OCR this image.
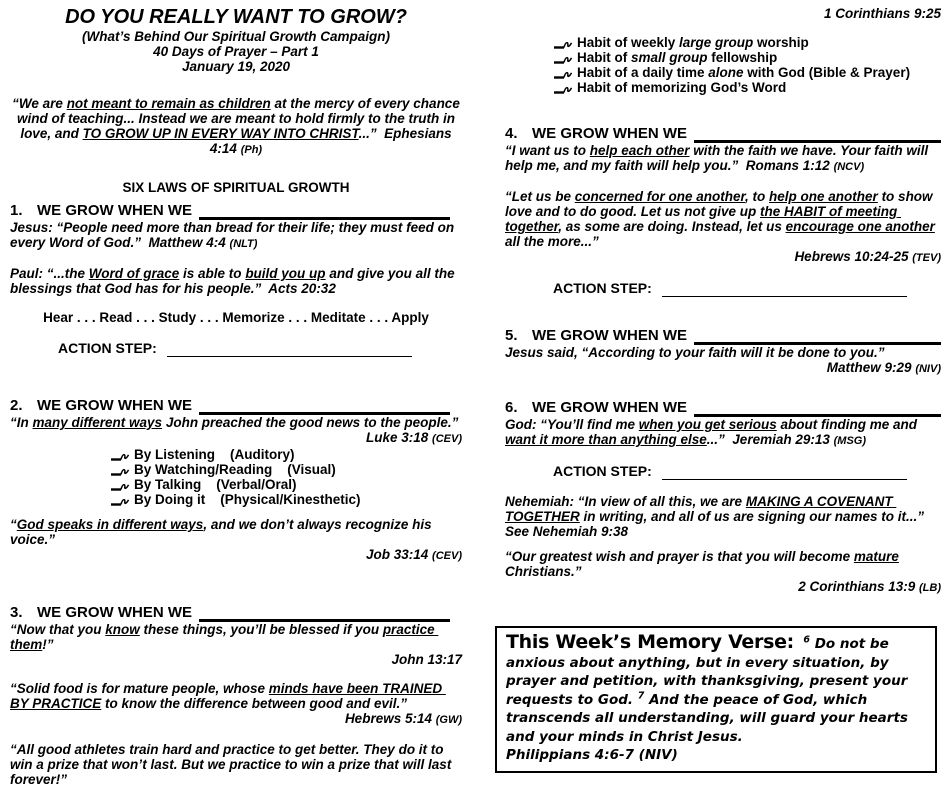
DO YOU REALLY WANT TO GROW?
(What’s Behind Our Spiritual Growth Campaign)
40 Days of Prayer – Part 1
January 19, 2020
“We are not meant to remain as children at the mercy of every chance wind of teaching... Instead we are meant to hold firmly to the truth in love, and TO GROW UP IN EVERY WAY INTO CHRIST...”  Ephesians 4:14 (Ph)
SIX LAWS OF SPIRITUAL GROWTH
1. WE GROW WHEN WE
Jesus: “People need more than bread for their life; they must feed on every Word of God.”  Matthew 4:4 (NLT)
Paul: “...the Word of grace is able to build you up and give you all the blessings that God has for his people.”  Acts 20:32
Hear . . . Read . . . Study . . . Memorize . . . Meditate . . . Apply
ACTION STEP:
2. WE GROW WHEN WE
“In many different ways John preached the good news to the people.”
Luke 3:18 (CEV)
By Listening    (Auditory)
By Watching/Reading    (Visual)
By Talking    (Verbal/Oral)
By Doing it    (Physical/Kinesthetic)
“God speaks in different ways, and we don’t always recognize his voice.”
Job 33:14 (CEV)
3. WE GROW WHEN WE
“Now that you know these things, you’ll be blessed if you practice them!”
John 13:17
“Solid food is for mature people, whose minds have been TRAINED BY PRACTICE to know the difference between good and evil.”
Hebrews 5:14 (GW)
“All good athletes train hard and practice to get better. They do it to win a prize that won’t last. But we practice to win a prize that will last forever!”
1 Corinthians 9:25
Habit of weekly large group worship
Habit of small group fellowship
Habit of a daily time alone with God (Bible & Prayer)
Habit of memorizing God’s Word
4. WE GROW WHEN WE
“I want us to help each other with the faith we have. Your faith will help me, and my faith will help you.”  Romans 1:12 (NCV)
“Let us be concerned for one another, to help one another to show love and to do good. Let us not give up the HABIT of meeting together, as some are doing. Instead, let us encourage one another all the more...”
Hebrews 10:24-25 (TEV)
ACTION STEP:
5. WE GROW WHEN WE
Jesus said, “According to your faith will it be done to you.”
Matthew 9:29 (NIV)
6. WE GROW WHEN WE
God: “You’ll find me when you get serious about finding me and want it more than anything else...”  Jeremiah 29:13 (MSG)
ACTION STEP:
Nehemiah: “In view of all this, we are MAKING A COVENANT TOGETHER in writing, and all of us are signing our names to it...”  See Nehemiah 9:38
“Our greatest wish and prayer is that you will become mature Christians.”
2 Corinthians 13:9 (LB)
This Week’s Memory Verse: $^6$ Do not be anxious about anything, but in every situation, by prayer and petition, with thanksgiving, present your requests to God. $^7$ And the peace of God, which transcends all understanding, will guard your hearts and your minds in Christ Jesus.
Philippians 4:6-7 (NIV)
